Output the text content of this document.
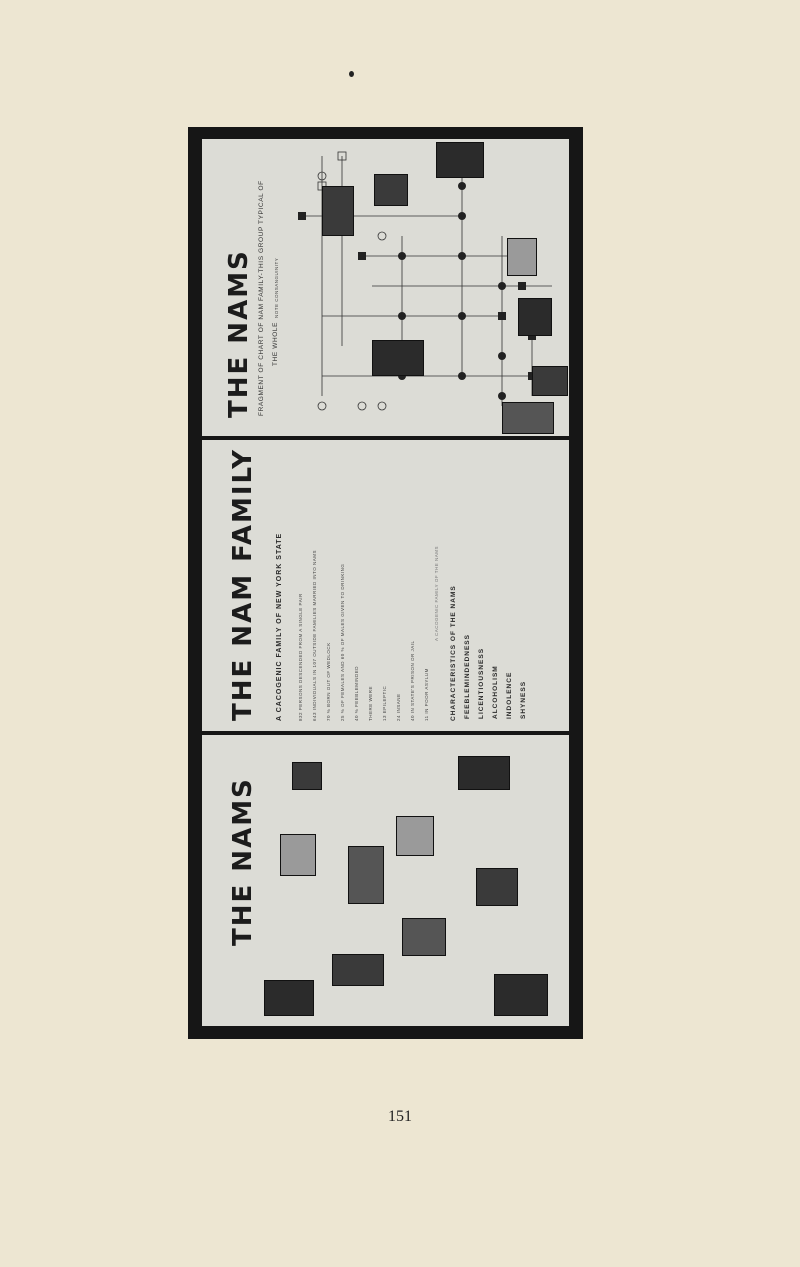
THE NAMS FRAGMENT OF CHART OF NAM FAMILY-THIS GROUP TYPICAL OF THE WHOLE
NOTE CONSANGUINITY
THE NAM FAMILY	A CACOGENIC FAMILY OF NEW YORK STATE	832 PERSONS DESCENDED FROM A SINGLE PAIR 643 INDIVIDUALS IN 107 OUTSIDE FAMILIES MARRIED INTO NAMS 70 % BORN OUT OF WEDLOCK 25 % OF FEMALES AND 60 % OF MALES GIVEN TO DRINKING 40 % FEEBLEMINDED THERE WERE 13 EPILEPTIC 24 INSANE 40 IN STATE'S PRISON OR JAIL 11 IN POOR ASYLUM
A CACOGENIC FAMILY OF THE NAMS CHARACTERISTICS OF THE NAMS FEEBLEMINDEDNESS LICENTIOUSNESS ALCOHOLISM INDOLENCE SHYNESS
THE NAMS
151
